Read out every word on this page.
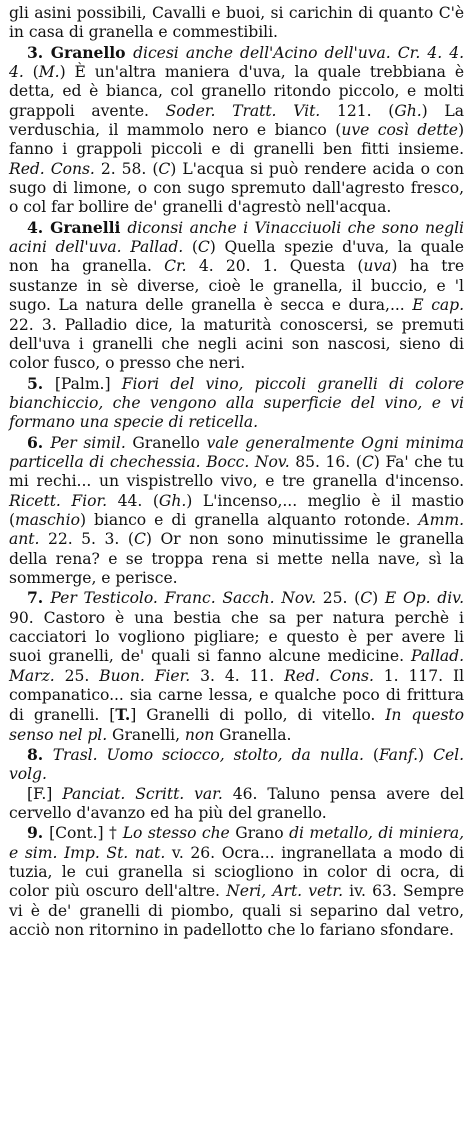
gli asini possibili, Cavalli e buoi, si carichin di quanto C'è in casa di granella e commestibili.

3. Granello dicesi anche dell'Acino dell'uva. Cr. 4. 4. 4. (M.) È un'altra maniera d'uva, la quale trebbiana è detta, ed è bianca, col granello ritondo piccolo, e molti grappoli avente. Soder. Tratt. Vit. 121. (Gh.) La verduschia, il mammolo nero e bianco (uve così dette) fanno i grappoli piccoli e di granelli ben fitti insieme. Red. Cons. 2. 58. (C) L'acqua si può rendere acida o con sugo di limone, o con sugo spremuto dall'agresto fresco, o col far bollire de' granelli d'agrestò nell'acqua.

4. Granelli diconsi anche i Vinacciuoli che sono negli acini dell'uva. Pallad. (C) Quella spezie d'uva, la quale non ha granella. Cr. 4. 20. 1. Questa (uva) ha tre sustanze in sè diverse, cioè le granella, il buccio, e 'l sugo. La natura delle granella è secca e dura,... E cap. 22. 3. Palladio dice, la maturità conoscersi, se premuti dell'uva i granelli che negli acini son nascosi, sieno di color fusco, o presso che neri.

5. [Palm.] Fiori del vino, piccoli granelli di colore bianchiccio, che vengono alla superficie del vino, e vi formano una specie di reticella.

6. Per simil. Granello vale generalmente Ogni minima particella di chechessia. Bocc. Nov. 85. 16. (C) Fa' che tu mi rechi... un vispistrello vivo, e tre granella d'incenso. Ricett. Fior. 44. (Gh.) L'incenso,... meglio è il mastio (maschio) bianco e di granella alquanto rotonde. Amm. ant. 22. 5. 3. (C) Or non sono minutissime le granella della rena? e se troppa rena si mette nella nave, sì la sommerge, e perisce.

7. Per Testicolo. Franc. Sacch. Nov. 25. (C) E Op. div. 90. Castoro è una bestia che sa per natura perchè i cacciatori lo vogliono pigliare; e questo è per avere li suoi granelli, de' quali si fanno alcune medicine. Pallad. Marz. 25. Buon. Fier. 3. 4. 11. Red. Cons. 1. 117. Il companatico... sia carne lessa, e qualche poco di frittura di granelli. [T.] Granelli di pollo, di vitello. In questo senso nel pl. Granelli, non Granella.

8. Trasl. Uomo sciocco, stolto, da nulla. (Fanf.) Cel. volg.

[F.] Panciat. Scritt. var. 46. Taluno pensa avere del cervello d'avanzo ed ha più del granello.

9. [Cont.] † Lo stesso che Grano di metallo, di miniera, e sim. Imp. St. nat. v. 26. Ocra... ingranellata a modo di tuzia, le cui granella si sciogliono in color di ocra, di color più oscuro dell'altre. Neri, Art. vetr. iv. 63. Sempre vi è de' granelli di piombo, quali si separino dal vetro, acciò non ritornino in padellotto che lo fariano sfondare.
